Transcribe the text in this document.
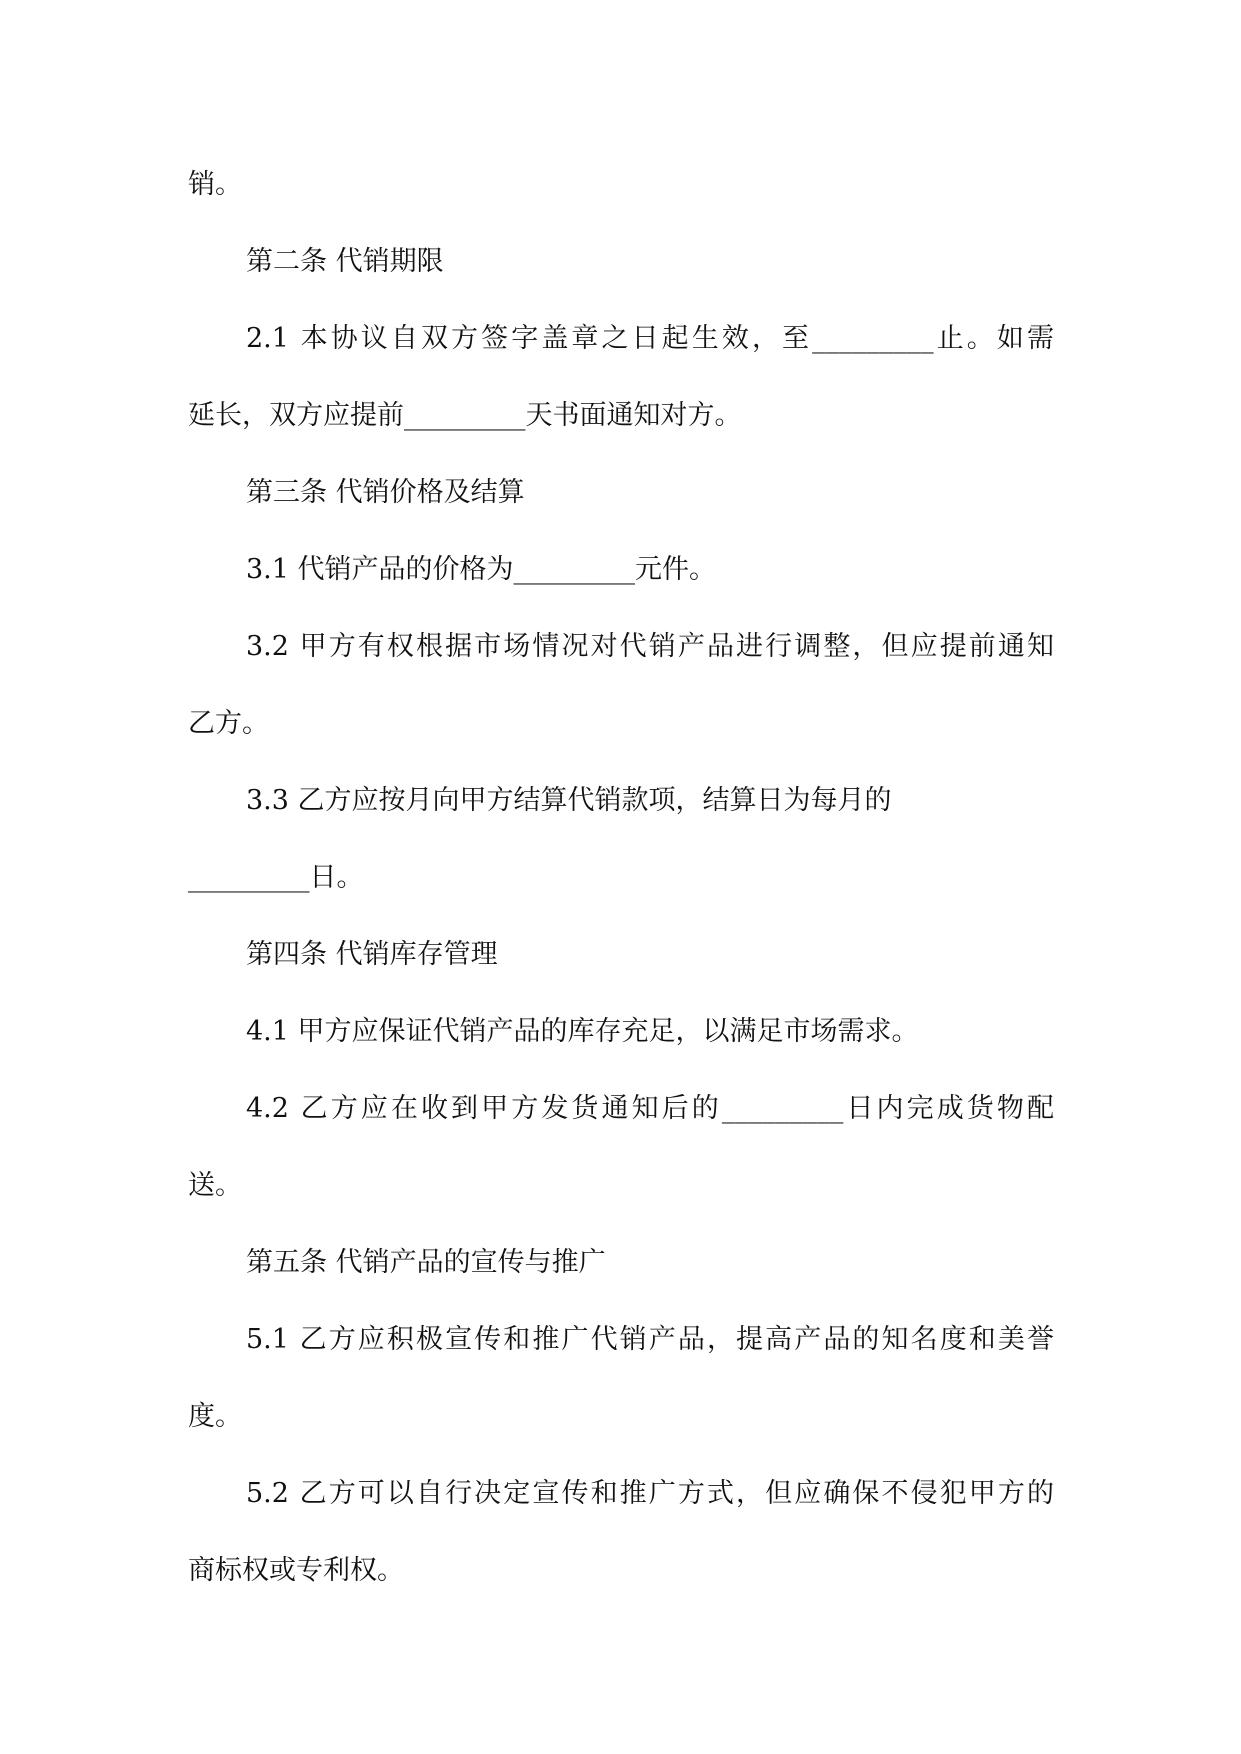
销。
第二条 代销期限
2.1 本协议自双方签字盖章之日起生效，至_________止。如需
延长，双方应提前_________天书面通知对方。
第三条 代销价格及结算
3.1 代销产品的价格为_________元件。
3.2 甲方有权根据市场情况对代销产品进行调整，但应提前通知
乙方。
3.3 乙方应按月向甲方结算代销款项，结算日为每月的
_________日。
第四条 代销库存管理
4.1 甲方应保证代销产品的库存充足，以满足市场需求。
4.2 乙方应在收到甲方发货通知后的_________日内完成货物配
送。
第五条 代销产品的宣传与推广
5.1 乙方应积极宣传和推广代销产品，提高产品的知名度和美誉
度。
5.2 乙方可以自行决定宣传和推广方式，但应确保不侵犯甲方的
商标权或专利权。
